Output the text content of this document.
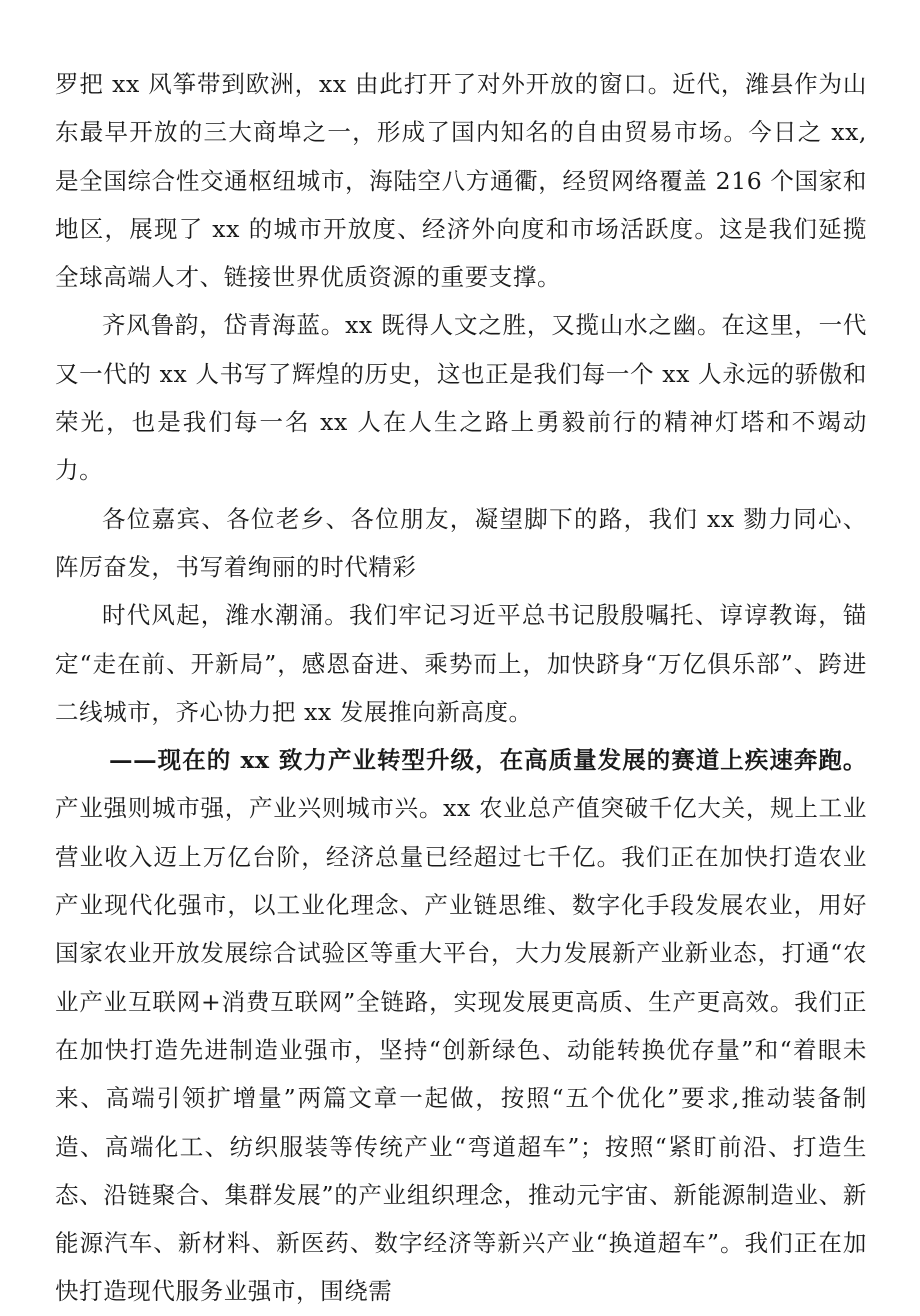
罗把 xx 风筝带到欧洲，xx 由此打开了对外开放的窗口。近代，潍县作为山东最早开放的三大商埠之一，形成了国内知名的自由贸易市场。今日之 xx,是全国综合性交通枢纽城市，海陆空八方通衢，经贸网络覆盖 216 个国家和地区，展现了 xx 的城市开放度、经济外向度和市场活跃度。这是我们延揽全球高端人才、链接世界优质资源的重要支撑。

齐风鲁韵，岱青海蓝。xx 既得人文之胜，又揽山水之幽。在这里，一代又一代的 xx 人书写了辉煌的历史，这也正是我们每一个 xx 人永远的骄傲和荣光，也是我们每一名 xx 人在人生之路上勇毅前行的精神灯塔和不竭动力。

各位嘉宾、各位老乡、各位朋友，凝望脚下的路，我们 xx 勠力同心、阵厉奋发，书写着绚丽的时代精彩

时代风起，潍水潮涌。我们牢记习近平总书记殷殷嘱托、谆谆教诲，锚定“走在前、开新局”，感恩奋进、乘势而上，加快跻身“万亿俱乐部”、跨进二线城市，齐心协力把 xx 发展推向新高度。

——现在的 xx 致力产业转型升级，在高质量发展的赛道上疾速奔跑。产业强则城市强，产业兴则城市兴。xx 农业总产值突破千亿大关，规上工业营业收入迈上万亿台阶，经济总量已经超过七千亿。我们正在加快打造农业产业现代化强市，以工业化理念、产业链思维、数字化手段发展农业，用好国家农业开放发展综合试验区等重大平台，大力发展新产业新业态，打通“农业产业互联网+消费互联网”全链路，实现发展更高质、生产更高效。我们正在加快打造先进制造业强市，坚持“创新绿色、动能转换优存量”和“着眼未来、高端引领扩增量”两篇文章一起做，按照“五个优化”要求,推动装备制造、高端化工、纺织服装等传统产业“弯道超车”；按照“紧盯前沿、打造生态、沿链聚合、集群发展”的产业组织理念，推动元宇宙、新能源制造业、新能源汽车、新材料、新医药、数字经济等新兴产业“换道超车”。我们正在加快打造现代服务业强市，围绕需
